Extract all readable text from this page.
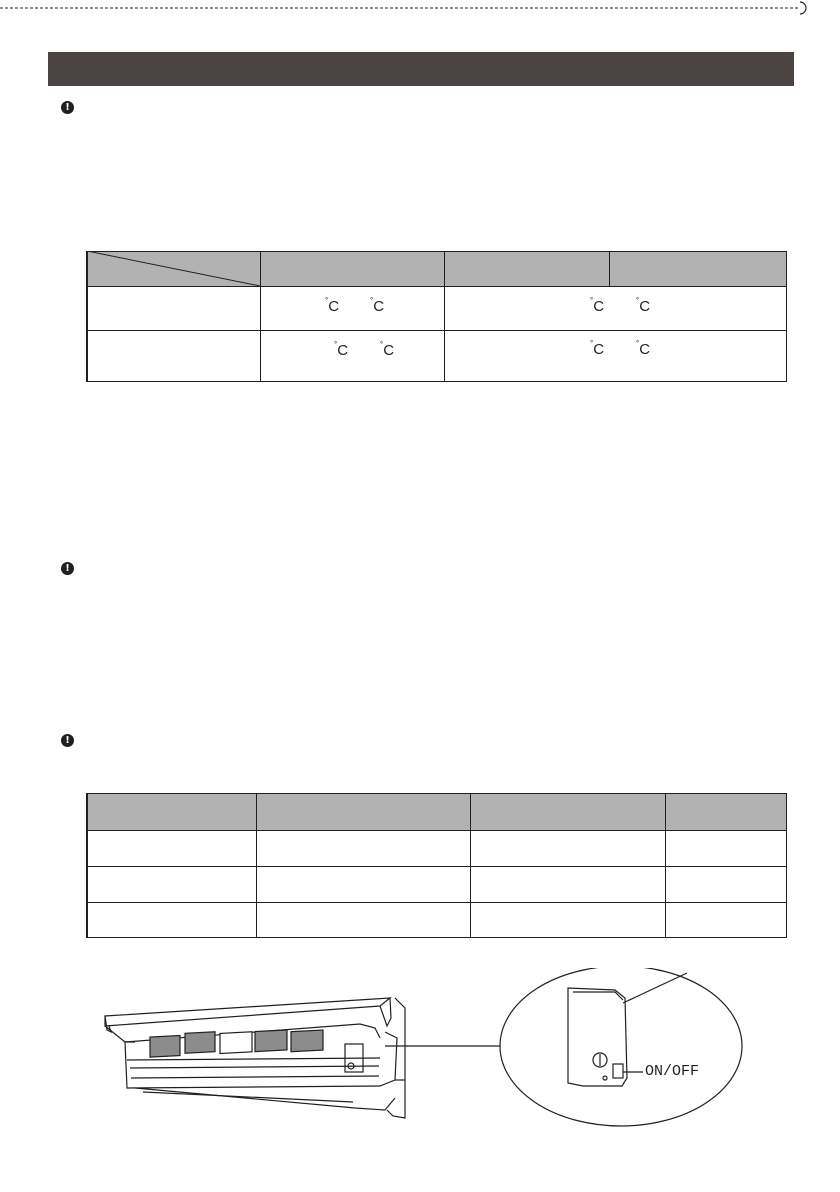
!
!
!
°C	°C	°C	°C
°C	°C	°C	°C
ON/OFF
